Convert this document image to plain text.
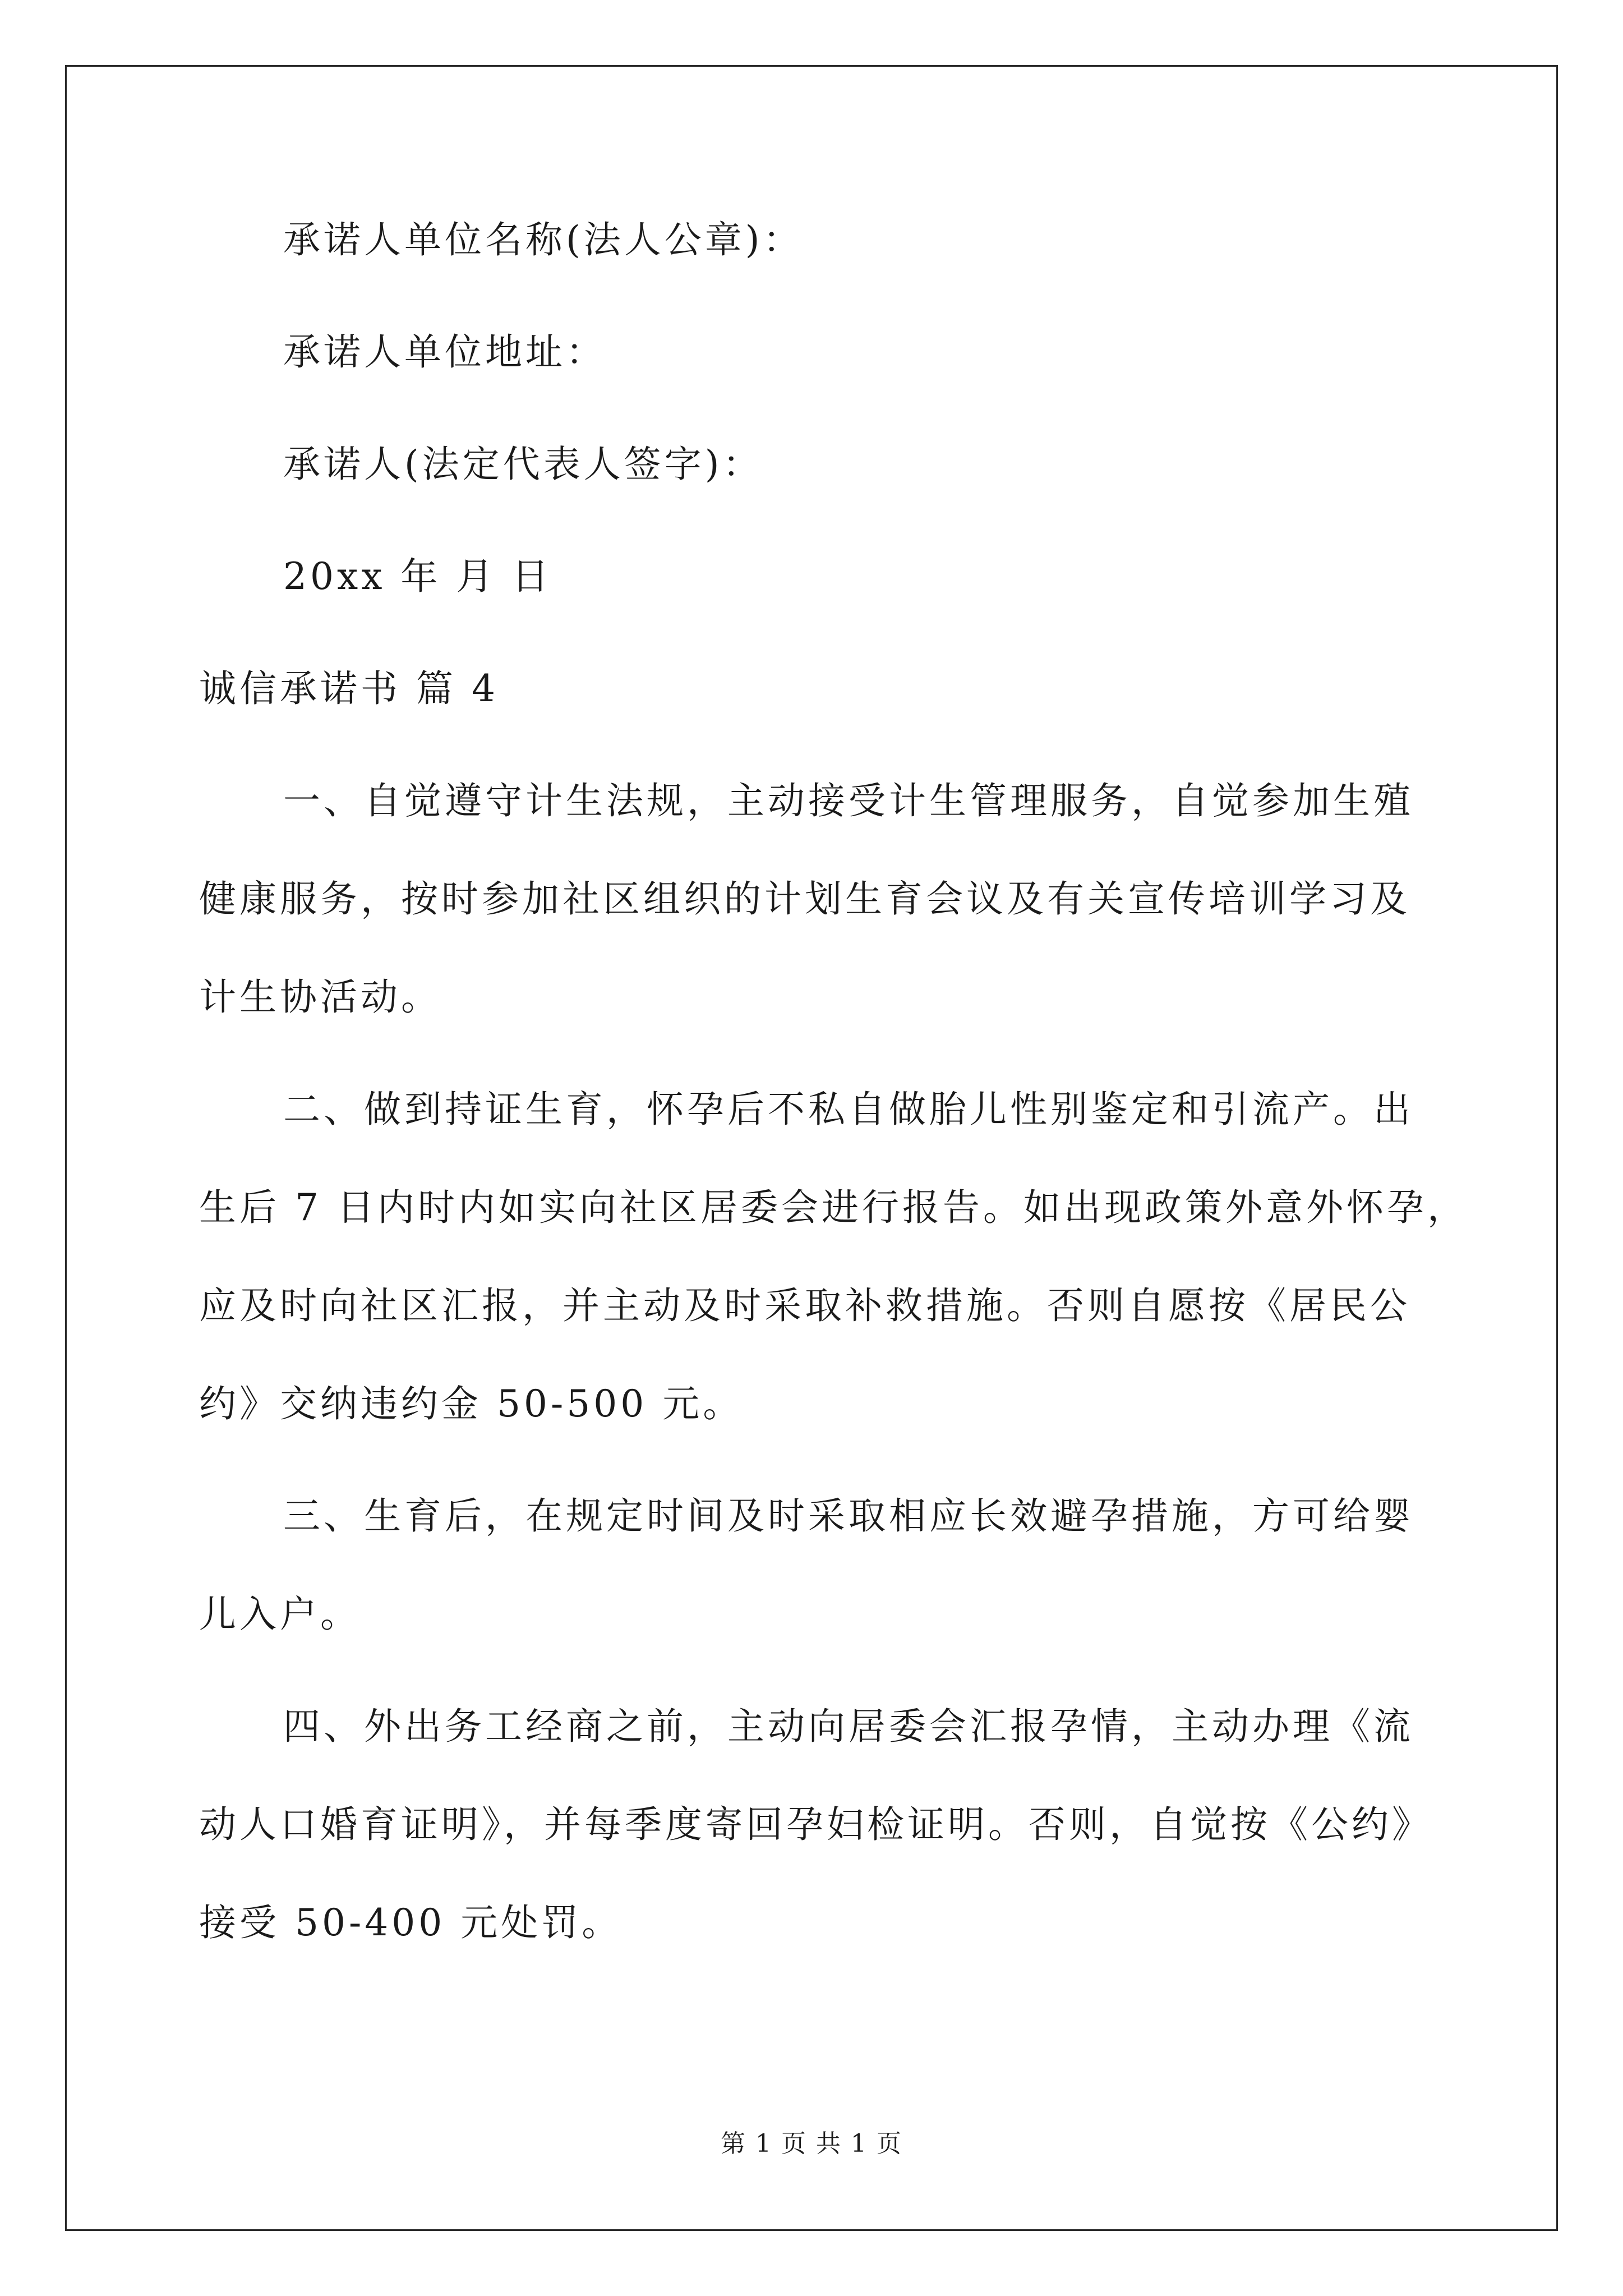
承诺人单位名称(法人公章)：
承诺人单位地址：
承诺人(法定代表人签字)：
20xx 年 月 日
诚信承诺书 篇 4
一、自觉遵守计生法规，主动接受计生管理服务，自觉参加生殖
健康服务，按时参加社区组织的计划生育会议及有关宣传培训学习及
计生协活动。
二、做到持证生育，怀孕后不私自做胎儿性别鉴定和引流产。出
生后 7 日内时内如实向社区居委会进行报告。如出现政策外意外怀孕，
应及时向社区汇报，并主动及时采取补救措施。否则自愿按《居民公
约》交纳违约金 50-500 元。
三、生育后，在规定时间及时采取相应长效避孕措施，方可给婴
儿入户。
四、外出务工经商之前，主动向居委会汇报孕情，主动办理《流
动人口婚育证明》，并每季度寄回孕妇检证明。否则，自觉按《公约》
接受 50-400 元处罚。
第 1 页 共 1 页
